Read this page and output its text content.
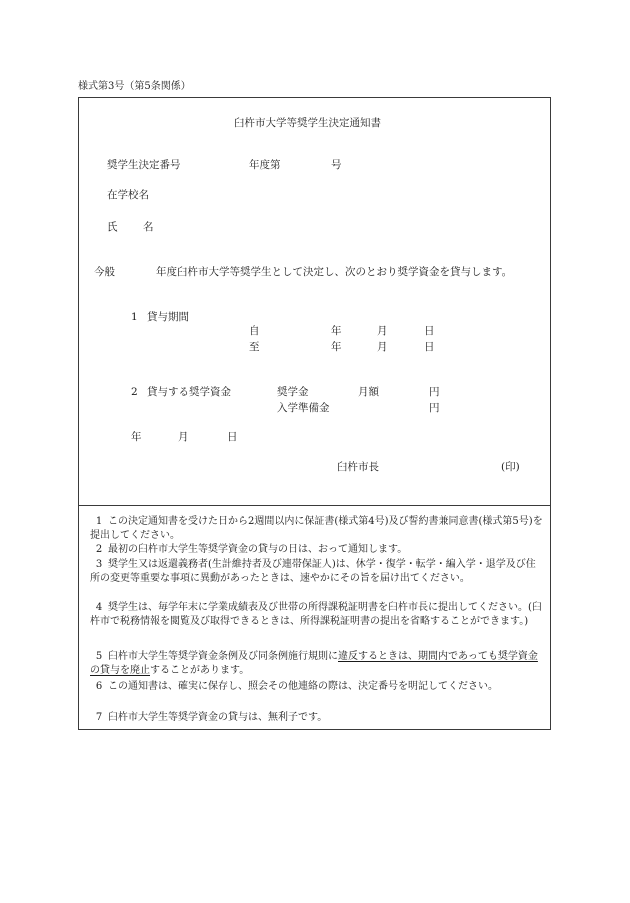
様式第3号（第5条関係）
臼杵市大学等奨学生決定通知書
奨学生決定番号	年度第	号
在学校名
氏 名
今般	年度臼杵市大学等奨学生として決定し、次のとおり奨学資金を貸与します。
1 貸与期間
自	年	月	日
至	年	月	日
2 貸与する奨学資金	奨学金	月額	円
入学準備金	円
年	月	日
臼杵市長	(印)
1 この決定通知書を受けた日から2週間以内に保証書(様式第4号)及び誓約書兼同意書(様式第5号)を提出してください。
2 最初の臼杵市大学生等奨学資金の貸与の日は、おって通知します。
3 奨学生又は返還義務者(生計維持者及び連帯保証人)は、休学・復学・転学・編入学・退学及び住所の変更等重要な事項に異動があったときは、速やかにその旨を届け出てください。
4 奨学生は、毎学年末に学業成績表及び世帯の所得課税証明書を臼杵市長に提出してください。(臼杵市で税務情報を閲覧及び取得できるときは、所得課税証明書の提出を省略することができます。)
5 臼杵市大学生等奨学資金条例及び同条例施行規則に違反するときは、期間内であっても奨学資金の貸与を廃止することがあります。
6 この通知書は、確実に保存し、照会その他連絡の際は、決定番号を明記してください。
7 臼杵市大学生等奨学資金の貸与は、無利子です。
